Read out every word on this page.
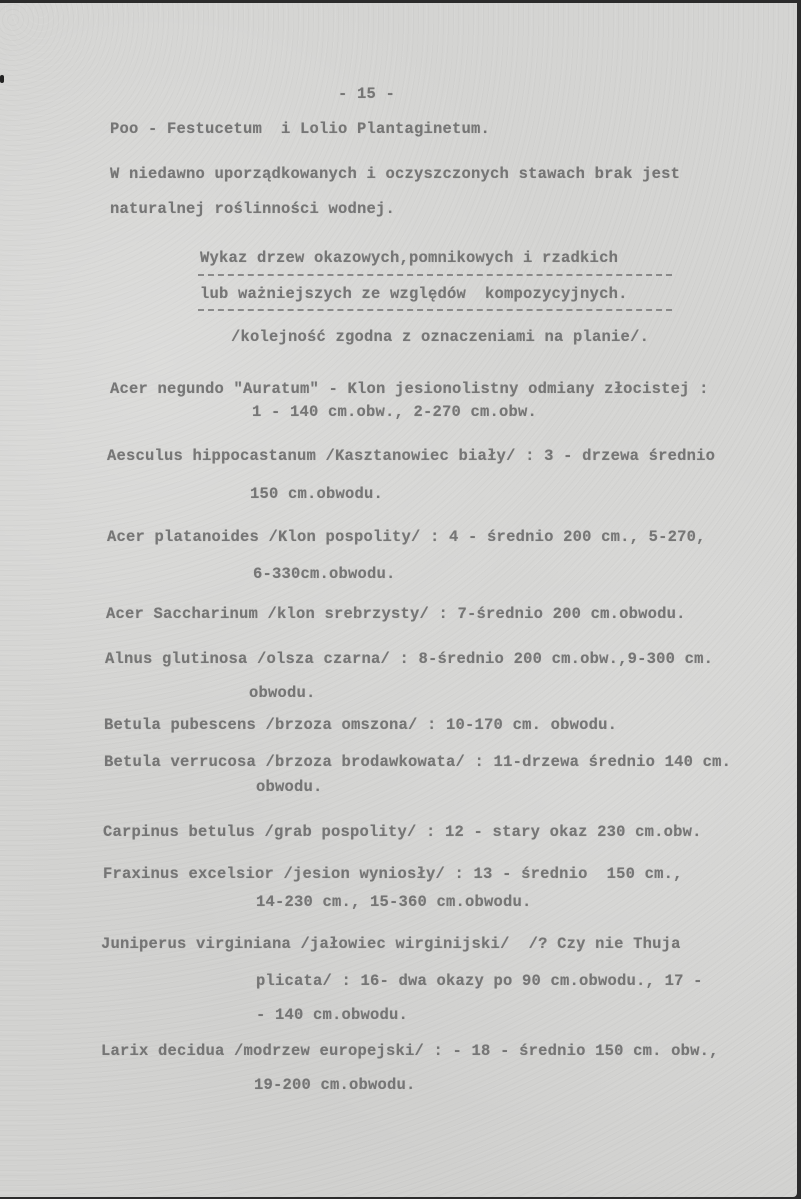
- 15 -
Poo - Festucetum  i Lolio Plantaginetum.
W niedawno uporządkowanych i oczyszczonych stawach brak jest
naturalnej roślinności wodnej.
Wykaz drzew okazowych,pomnikowych i rzadkich
lub ważniejszych ze względów  kompozycyjnych.
/kolejność zgodna z oznaczeniami na planie/.
Acer negundo "Auratum" - Klon jesionolistny odmiany złocistej :
1 - 140 cm.obw., 2-270 cm.obw.
Aesculus hippocastanum /Kasztanowiec biały/ : 3 - drzewa średnio
150 cm.obwodu.
Acer platanoides /Klon pospolity/ : 4 - średnio 200 cm., 5-270,
6-330cm.obwodu.
Acer Saccharinum /klon srebrzysty/ : 7-średnio 200 cm.obwodu.
Alnus glutinosa /olsza czarna/ : 8-średnio 200 cm.obw.,9-300 cm.
obwodu.
Betula pubescens /brzoza omszona/ : 10-170 cm. obwodu.
Betula verrucosa /brzoza brodawkowata/ : 11-drzewa średnio 140 cm.
obwodu.
Carpinus betulus /grab pospolity/ : 12 - stary okaz 230 cm.obw.
Fraxinus excelsior /jesion wyniosły/ : 13 - średnio  150 cm.,
14-230 cm., 15-360 cm.obwodu.
Juniperus virginiana /jałowiec wirginijski/  /? Czy nie Thuja
plicata/ : 16- dwa okazy po 90 cm.obwodu., 17 -
- 140 cm.obwodu.
Larix decidua /modrzew europejski/ : - 18 - średnio 150 cm. obw.,
19-200 cm.obwodu.
